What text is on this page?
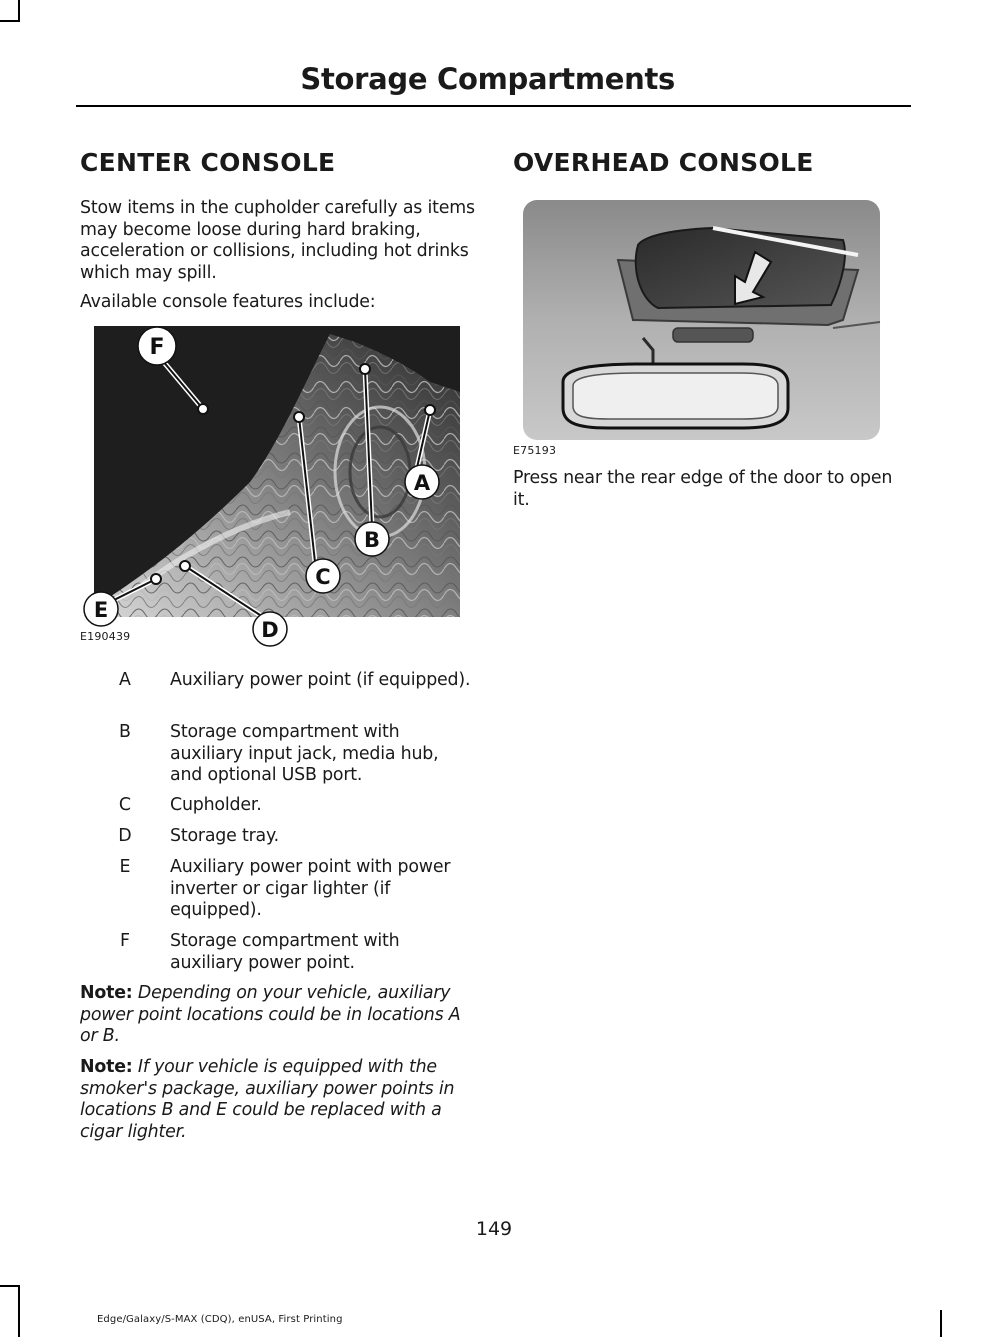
Storage Compartments
CENTER CONSOLE

Stow items in the cupholder carefully as items may become loose during hard braking, acceleration or collisions, including hot drinks which may spill.

Available console features include:

A
B
C
D
E
F
E190439
A	Auxiliary power point (if equipped).
B	Storage compartment with auxiliary input jack, media hub, and optional USB port.
C	Cupholder.
D	Storage tray.
E	Auxiliary power point with power inverter or cigar lighter (if equipped).
F	Storage compartment with auxiliary power point.

Note: Depending on your vehicle, auxiliary power point locations could be in locations A or B.

Note: If your vehicle is equipped with the smoker's package, auxiliary power points in locations B and E could be replaced with a cigar lighter.

OVERHEAD CONSOLE
E75193

Press near the rear edge of the door to open it.

149
Edge/Galaxy/S-MAX (CDQ), enUSA, First Printing
